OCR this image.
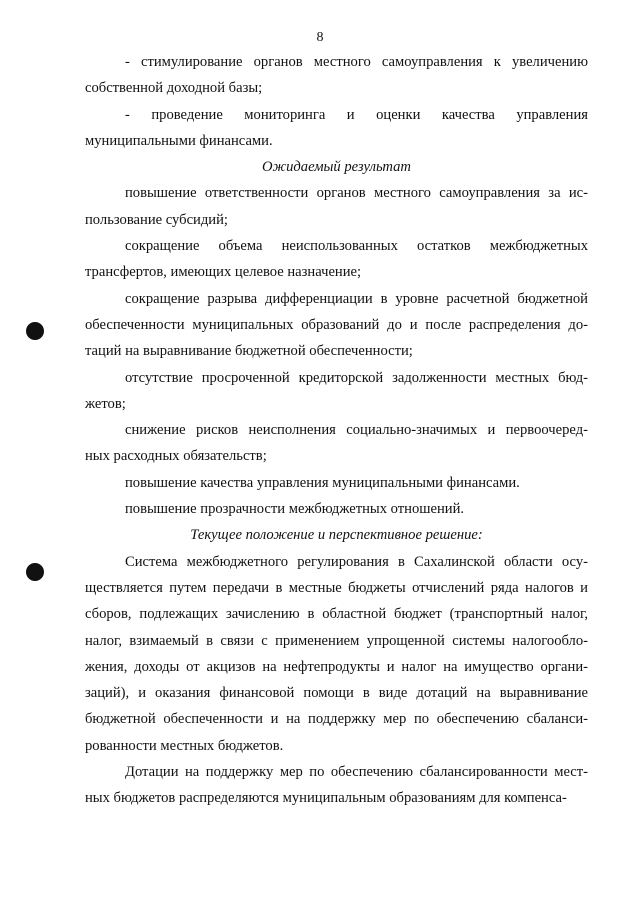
8
- стимулирование органов местного самоуправления к увеличению
собственной доходной базы;
- проведение мониторинга и оценки качества управления
муниципальными финансами.
Ожидаемый результат
повышение ответственности органов местного самоуправления за ис-
пользование субсидий;
сокращение объема неиспользованных остатков межбюджетных
трансфертов, имеющих целевое назначение;
сокращение разрыва дифференциации в уровне расчетной бюджетной
обеспеченности муниципальных образований до и после распределения до-
таций на выравнивание бюджетной обеспеченности;
отсутствие просроченной кредиторской задолженности местных бюд-
жетов;
снижение рисков неисполнения социально-значимых и первоочеред-
ных расходных обязательств;
повышение качества управления муниципальными финансами.
повышение прозрачности межбюджетных отношений.
Текущее положение и перспективное решение:
Система межбюджетного регулирования в Сахалинской области осу-
ществляется путем передачи в местные бюджеты отчислений ряда налогов и
сборов, подлежащих зачислению в областной бюджет (транспортный налог,
налог, взимаемый в связи с применением упрощенной системы налогообло-
жения, доходы от акцизов на нефтепродукты и налог на имущество органи-
заций), и оказания финансовой помощи в виде дотаций на выравнивание
бюджетной обеспеченности и на поддержку мер по обеспечению сбаланси-
рованности местных бюджетов.
Дотации на поддержку мер по обеспечению сбалансированности мест-
ных бюджетов распределяются муниципальным образованиям для компенса-
